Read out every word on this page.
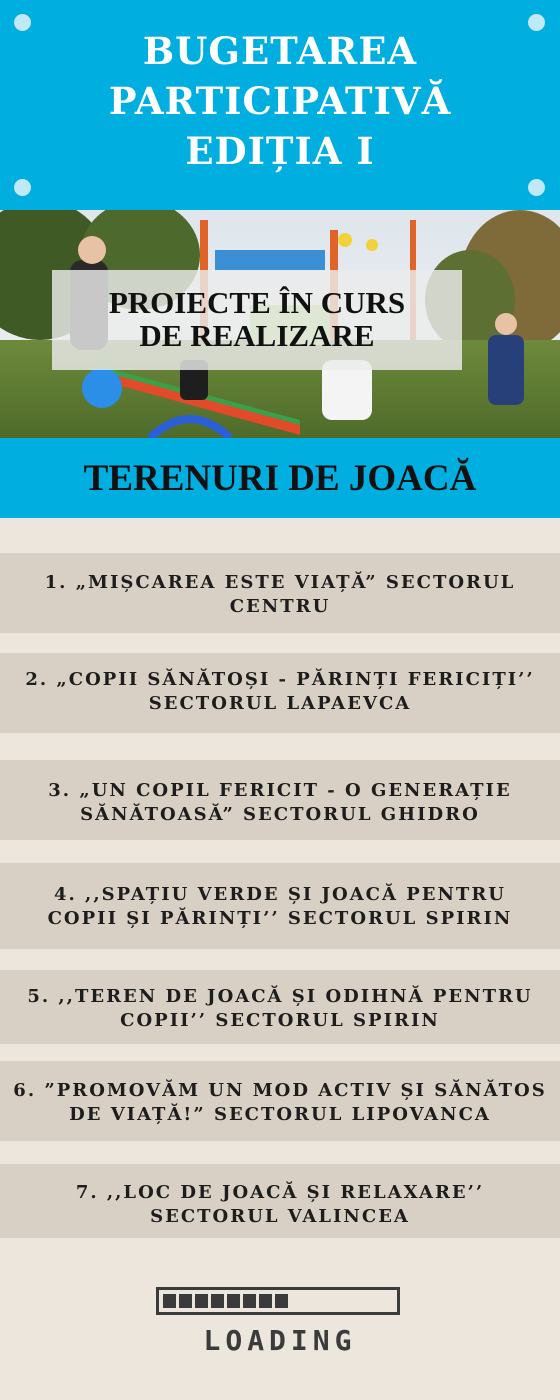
BUGETAREA
PARTICIPATIVĂ
EDIȚIA I
PROIECTE ÎN CURS
DE REALIZARE
TERENURI DE JOACĂ
1. „MIȘCAREA ESTE VIAȚĂ” SECTORUL
CENTRU
2. „COPII SĂNĂTOȘI - PĂRINȚI FERICIȚI’’
SECTORUL LAPAEVCA
3. „UN COPIL FERICIT - O GENERAȚIE
SĂNĂTOASĂ” SECTORUL GHIDRO
4. ,,SPAȚIU VERDE ȘI JOACĂ PENTRU
COPII ȘI PĂRINȚI’’ SECTORUL SPIRIN
5. ,,TEREN DE JOACĂ ȘI ODIHNĂ PENTRU
COPII’’ SECTORUL SPIRIN
6. ”PROMOVĂM UN MOD ACTIV ȘI SĂNĂTOS
DE VIAȚĂ!” SECTORUL LIPOVANCA
7. ,,LOC DE JOACĂ ȘI RELAXARE’’
SECTORUL VALINCEA
LOADING
